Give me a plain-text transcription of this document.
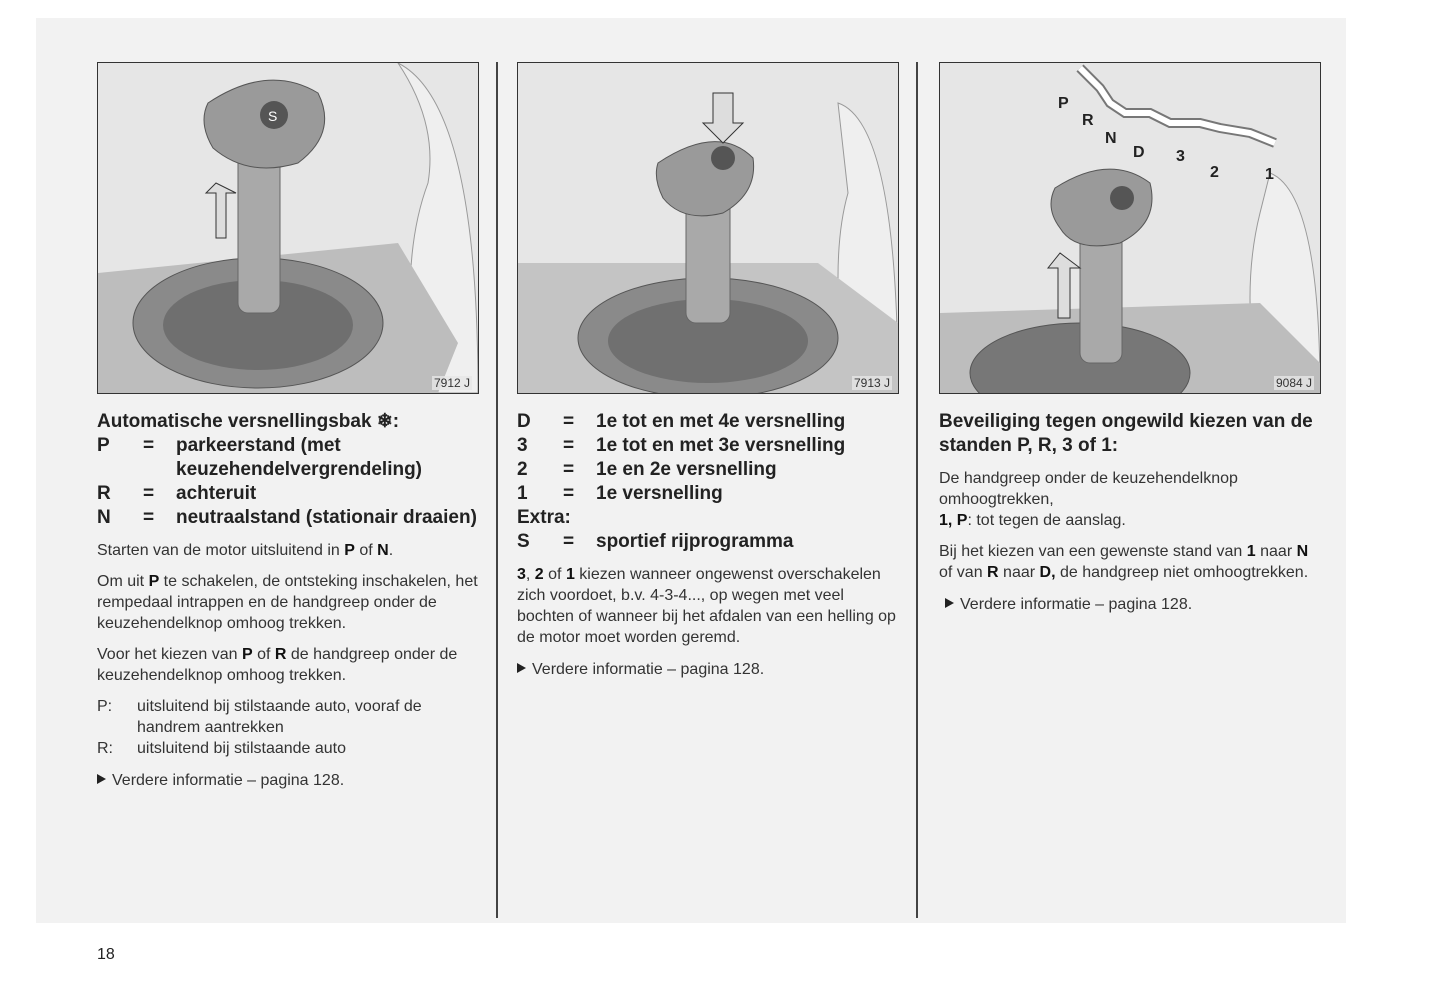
S
7912 J	7913 J
P
R
N
D 3
2	1
9084 J
Automatische versnellingsbak ❄:
P	=	parkeerstand (met keuzehendelvergrendeling)
R	=	achteruit
N	=	neutraalstand (stationair draaien)

Starten van de motor uitsluitend in P of N.

Om uit P te schakelen, de ontsteking inschakelen, het rempedaal intrappen en de handgreep onder de keuzehendelknop omhoog trekken.

Voor het kiezen van P of R de handgreep onder de keuzehendelknop omhoog trekken.

P:	uitsluitend bij stilstaande auto, vooraf de handrem aantrekken
R:	uitsluitend bij stilstaande auto
Verdere informatie – pagina 128.
D	=	1e tot en met 4e versnelling
3	=	1e tot en met 3e versnelling
2	=	1e en 2e versnelling
1	=	1e versnelling
Extra:
S	=	sportief rijprogramma

3, 2 of 1 kiezen wanneer ongewenst overschakelen zich voordoet, b.v. 4-3-4..., op wegen met veel bochten of wanneer bij het afdalen van een helling op de motor moet worden geremd.

Verdere informatie – pagina 128.
Beveiliging tegen ongewild kiezen van de standen P, R, 3 of 1:

De handgreep onder de keuzehendelknop omhoogtrekken,

1, P: tot tegen de aanslag.

Bij het kiezen van een gewenste stand van 1 naar N of van R naar D, de handgreep niet omhoogtrekken.

Verdere informatie – pagina 128.
18
